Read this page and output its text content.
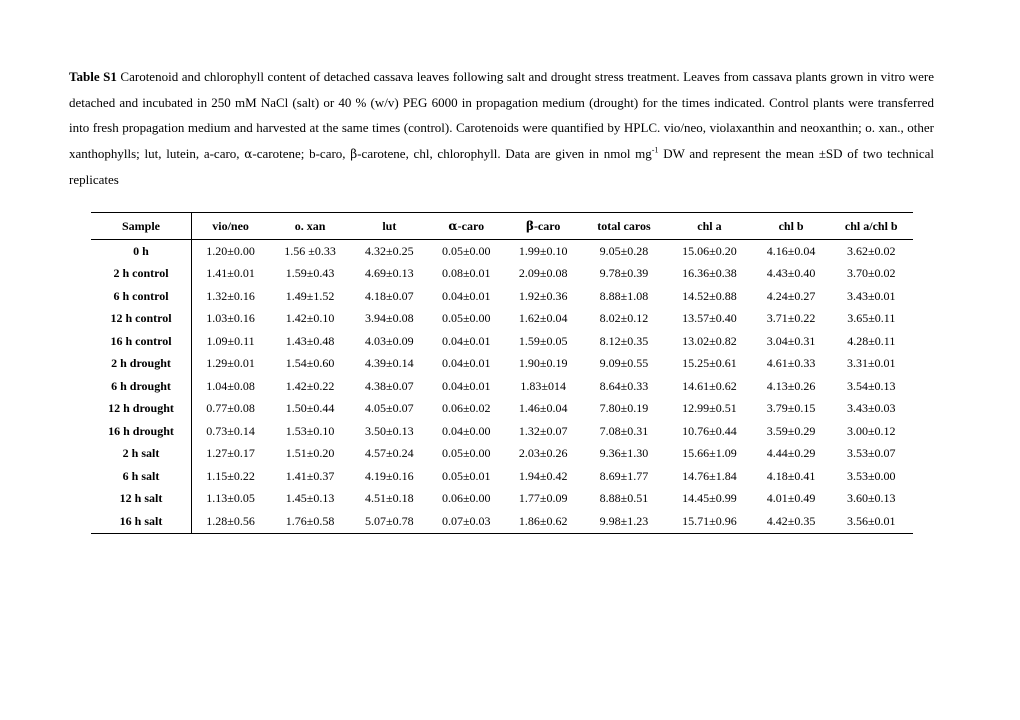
Table S1 Carotenoid and chlorophyll content of detached cassava leaves following salt and drought stress treatment. Leaves from cassava plants grown in vitro were detached and incubated in 250 mM NaCl (salt) or 40 % (w/v) PEG 6000 in propagation medium (drought) for the times indicated. Control plants were transferred into fresh propagation medium and harvested at the same times (control). Carotenoids were quantified by HPLC. vio/neo, violaxanthin and neoxanthin; o. xan., other xanthophylls; lut, lutein, a-caro, α-carotene; b-caro, β-carotene, chl, chlorophyll. Data are given in nmol $mg^{-1}$ DW and represent the mean ±SD of two technical replicates
Sample	vio/neo	o. xan	lut	α-caro	β-caro	total caros	chl a	chl b	chl a/chl b
0 h	1.20±0.00	1.56 ±0.33	4.32±0.25	0.05±0.00	1.99±0.10	9.05±0.28	15.06±0.20	4.16±0.04	3.62±0.02
2 h control	1.41±0.01	1.59±0.43	4.69±0.13	0.08±0.01	2.09±0.08	9.78±0.39	16.36±0.38	4.43±0.40	3.70±0.02
6 h control	1.32±0.16	1.49±1.52	4.18±0.07	0.04±0.01	1.92±0.36	8.88±1.08	14.52±0.88	4.24±0.27	3.43±0.01
12 h control	1.03±0.16	1.42±0.10	3.94±0.08	0.05±0.00	1.62±0.04	8.02±0.12	13.57±0.40	3.71±0.22	3.65±0.11
16 h control	1.09±0.11	1.43±0.48	4.03±0.09	0.04±0.01	1.59±0.05	8.12±0.35	13.02±0.82	3.04±0.31	4.28±0.11
2 h drought	1.29±0.01	1.54±0.60	4.39±0.14	0.04±0.01	1.90±0.19	9.09±0.55	15.25±0.61	4.61±0.33	3.31±0.01
6 h drought	1.04±0.08	1.42±0.22	4.38±0.07	0.04±0.01	1.83±014	8.64±0.33	14.61±0.62	4.13±0.26	3.54±0.13
12 h drought	0.77±0.08	1.50±0.44	4.05±0.07	0.06±0.02	1.46±0.04	7.80±0.19	12.99±0.51	3.79±0.15	3.43±0.03
16 h drought	0.73±0.14	1.53±0.10	3.50±0.13	0.04±0.00	1.32±0.07	7.08±0.31	10.76±0.44	3.59±0.29	3.00±0.12
2 h salt	1.27±0.17	1.51±0.20	4.57±0.24	0.05±0.00	2.03±0.26	9.36±1.30	15.66±1.09	4.44±0.29	3.53±0.07
6 h salt	1.15±0.22	1.41±0.37	4.19±0.16	0.05±0.01	1.94±0.42	8.69±1.77	14.76±1.84	4.18±0.41	3.53±0.00
12 h salt	1.13±0.05	1.45±0.13	4.51±0.18	0.06±0.00	1.77±0.09	8.88±0.51	14.45±0.99	4.01±0.49	3.60±0.13
16 h salt	1.28±0.56	1.76±0.58	5.07±0.78	0.07±0.03	1.86±0.62	9.98±1.23	15.71±0.96	4.42±0.35	3.56±0.01
